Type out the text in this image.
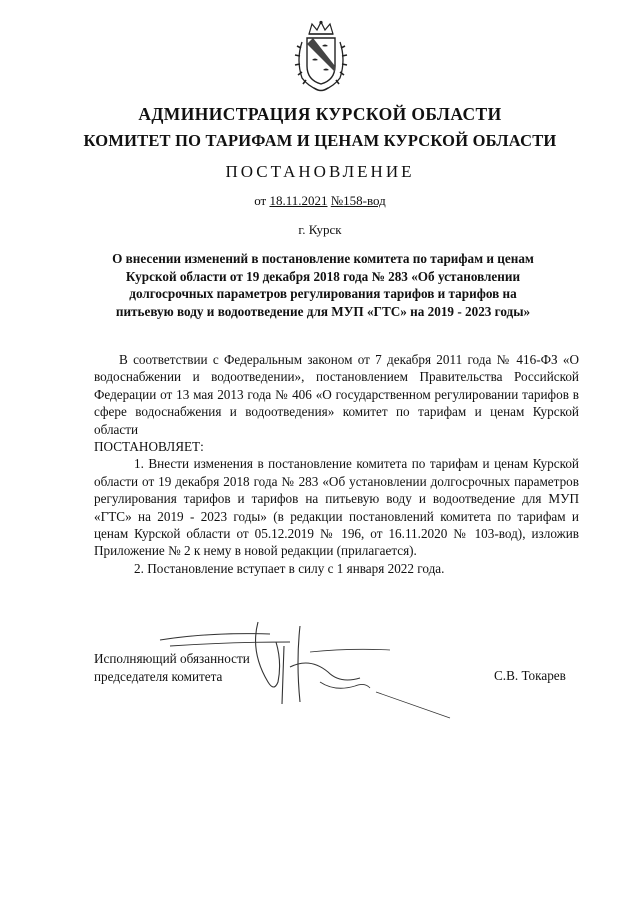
АДМИНИСТРАЦИЯ КУРСКОЙ ОБЛАСТИ
КОМИТЕТ ПО ТАРИФАМ И ЦЕНАМ КУРСКОЙ ОБЛАСТИ
ПОСТАНОВЛЕНИЕ
от 18.11.2021 №158-вод
г. Курск
О внесении изменений в постановление комитета по тарифам и ценам
Курской области от 19 декабря 2018 года № 283 «Об установлении
долгосрочных параметров регулирования тарифов и тарифов на
питьевую воду и водоотведение для МУП «ГТС» на 2019 - 2023 годы»

В соответствии с Федеральным законом от 7 декабря 2011 года № 416-ФЗ «О водоснабжении и водоотведении», постановлением Правительства Российской Федерации от 13 мая 2013 года № 406 «О государственном регулировании тарифов в сфере водоснабжения и водоотведения» комитет по тарифам и ценам Курской области

ПОСТАНОВЛЯЕТ:

1. Внести изменения в постановление комитета по тарифам и ценам Курской области от 19 декабря 2018 года № 283 «Об установлении долгосрочных параметров регулирования тарифов и тарифов на питьевую воду и водоотведение для МУП «ГТС» на 2019 - 2023 годы» (в редакции постановлений комитета по тарифам и ценам Курской области от 05.12.2019 № 196, от 16.11.2020 № 103-вод), изложив Приложение № 2 к нему в новой редакции (прилагается).

2. Постановление вступает в силу с 1 января 2022 года.

Исполняющий обязанности
председателя комитета	С.В. Токарев
